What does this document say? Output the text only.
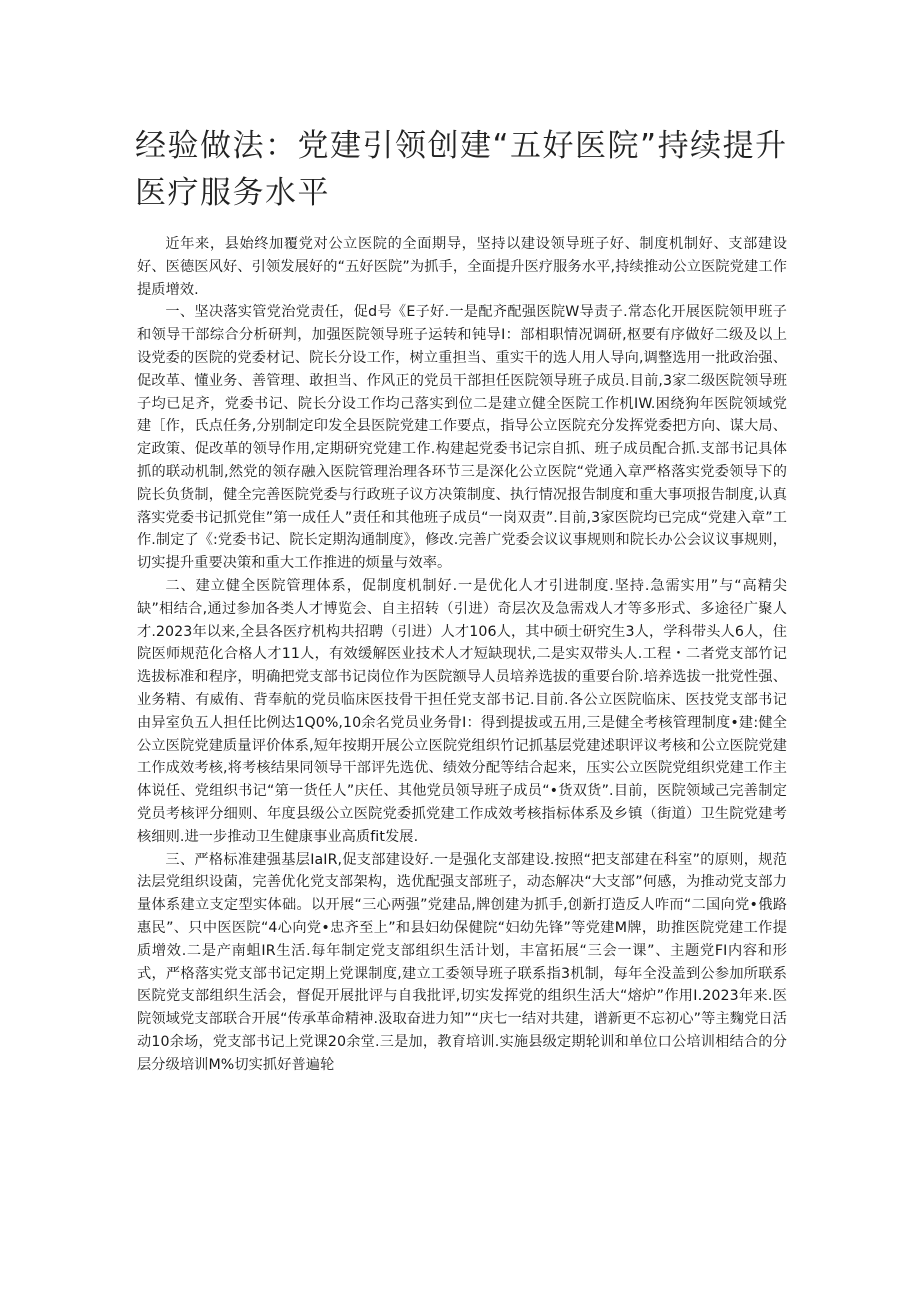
经验做法：党建引领创建“五好医院”持续提升医疗服务水平

近年来，县始终加覆党对公立医院的全面期导，坚持以建设领导班子好、制度机制好、支部建设好、医德医风好、引领发展好的“五好医院”为抓手，全面提升医疗服务水平,持续推动公立医院党建工作提质增效.

一、坚决落实管党治党责任，促d号《E子好.一是配齐配强医院W导责子.常态化开展医院领甲班子和领导干部综合分析研判，加强医院领导班子运转和钝导I：部相职情况调研,枢要有序做好二级及以上设党委的医院的党委材记、院长分设工作，树立重担当、重实干的选人用人导向,调整选用一批政治强、促改革、懂业务、善管理、敢担当、作风正的党员干部担任医院领导班子成员.目前,3家二级医院领导班子均已足齐，党委书记、院长分设工作均己落实到位二是建立健全医院工作机IW.困绕狗年医院领域党建［作，氏点任务,分别制定印发全县医院党建工作要点，指导公立医院充分发挥党委把方向、谋大局、定政策、促改革的领导作用,定期研究党建工作.构建起党委书记宗自抓、班子成员配合抓.支部书记具体抓的联动机制,然党的领存融入医院管理治理各环节三是深化公立医院“党通入章严格落实党委领导下的院长负货制，健全完善医院党委与行政班子议方决策制度、执行情况报告制度和重大事项报告制度,认真落实党委书记抓党隹”第一成任人”责任和其他班子成员“一岗双责”.目前,3家医院均已完成“党建入章”工作.制定了《:党委书记、院长定期沟通制度》，修改.完善广党委会议议事规则和院长办公会议议事规则，切实提升重要决策和重大工作推进的烦量与效率。

二、建立健全医院管理体系，促制度机制好.一是优化人才引进制度.坚持.急需实用”与“高精尖缺”相结合,通过参加各类人才博览会、自主招转（引进）奇层次及急需戏人才等多形式、多途径广聚人才.2023年以来,全县各医疗机构共招聘（引进）人才106人，其中硕士研究生3人，学科带头人6人，住院医师规范化合格人才11人，有效缓解医业技术人才短缺现状,二是实双带头人.工程・二者党支部竹记选拔标准和程序，明确把党支部书记岗位作为医院额导人员培养选拔的重要台阶.培养选拔一批党性强、业务精、有威侑、背奉航的党员临床医技骨干担任党支部书记.目前.各公立医院临床、医技党支部书记由异室负五人担任比例达1Q0%,10余名党员业务骨I：得到提拔或五用,三是健全考核管理制度•建:健全公立医院党建质量评价体系,短年按期开展公立医院党组织竹记抓基层党建述职评议考核和公立医院党建工作成效考核,将考核结果同领导干部评先选优、绩效分配等结合起来，压实公立医院党组织党建工作主体说任、党组织书记“第一货任人”庆任、其他党员领导班子成员“•货双货”.目前，医院领域己完善制定党员考核评分细则、年度县级公立医院党委抓党建工作成效考核指标体系及乡镇（街道）卫生院党建考核细则.进一步推动卫生健康事业高质fit发展.

三、严格标准建强基层IaIR,促支部建设好.一是强化支部建设.按照“把支部建在科室”的原则，规范法层党组织设菌，完善优化党支部架构，选优配强支部班子，动态解决“大支部”何感，为推动党支部力量体系建立支定型实体础。以开展“三心两强”党建品,牌创建为抓手,创新打造反人咋而“二国向党•俄路惠民”、只中医医院“4心向党•忠齐至上”和县妇幼保健院“妇幼先锋”等党建M牌，助推医院党建工作提质增效.二是产南蛆IR生活.每年制定党支部组织生活计划，丰富拓展“三会一课”、主题党FI内容和形式，严格落实党支部书记定期上党课制度,建立工委领导班子联系指3机制，每年全没盖到公参加所联系医院党支部组织生活会，督促开展批评与自我批评,切实发挥党的组织生活大“熔炉”作用I.2023年来.医院领域党支部联合开展“传承革命精神.汲取奋进力知”“庆七一结对共建，谱新更不忘初心”等主麴党日活动10余场，党支部书记上党课20余堂.三是加，教育培训.实施县级定期轮训和单位口公培训相结合的分层分级培训M%切实抓好普遍轮
